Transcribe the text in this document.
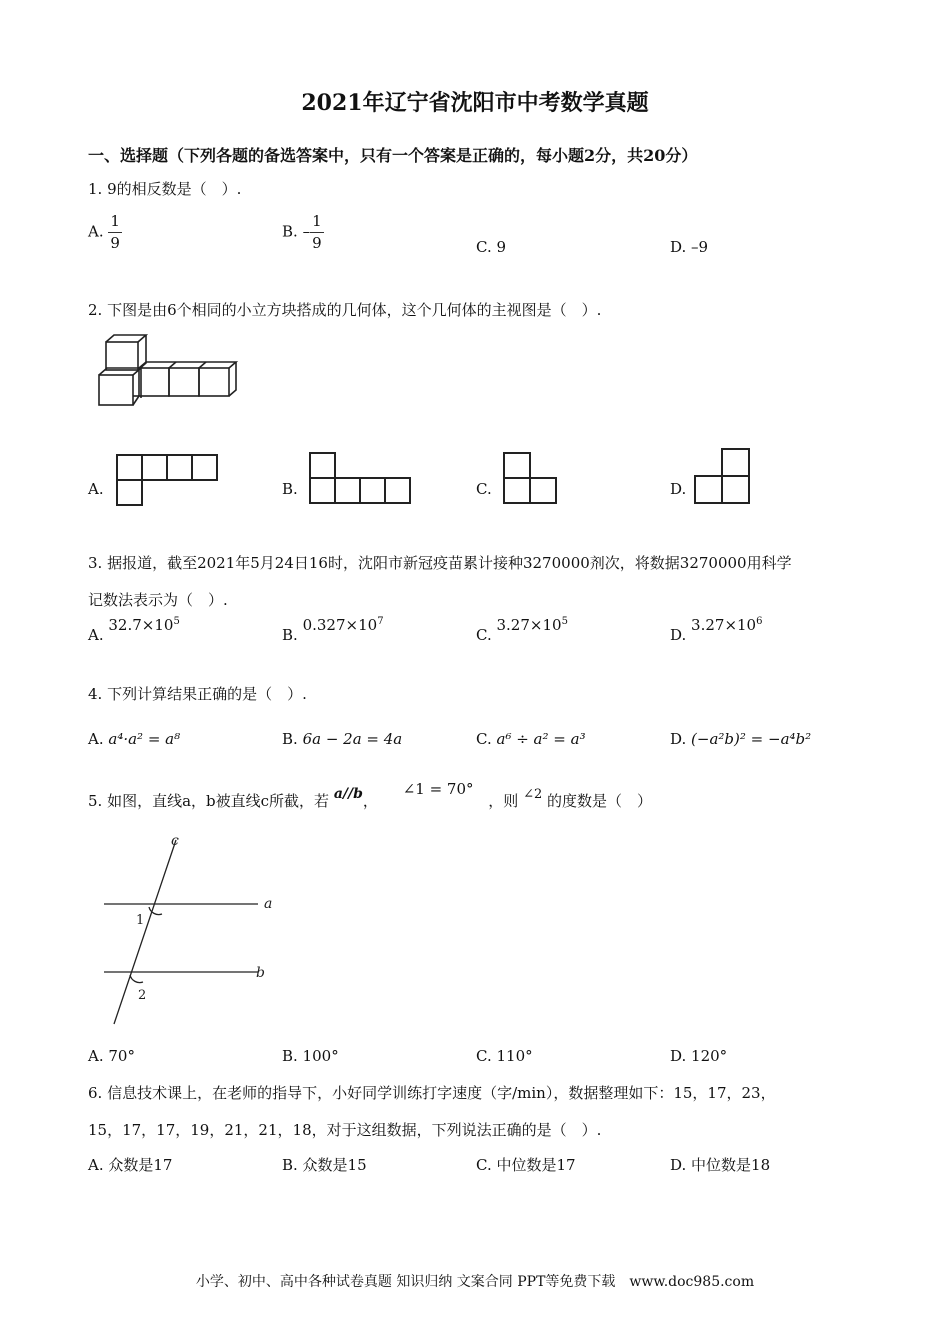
2021年辽宁省沈阳市中考数学真题
一、选择题（下列各题的备选答案中，只有一个答案是正确的，每小题2分，共20分）
1. 9的相反数是（　）.
A. $\frac{1}{9}$	B. – $\frac{1}{9}$	C. 9	D. –9
2. 下图是由6个相同的小立方块搭成的几何体，这个几何体的主视图是（　）.
A.	B.	C.	D.
3. 据报道，截至2021年5月24日16时，沈阳市新冠疫苗累计接种3270000剂次，将数据3270000用科学
记数法表示为（　）.
A. $32.7\times 10^5$
B. $0.327\times 10^7$
C. $3.27\times 10^5$
D. $3.27\times 10^6$
4. 下列计算结果正确的是（　）.
A. a⁴·a² = a⁸	B. 6a − 2a = 4a	C. a⁶ ÷ a² = a³	D. (−a²b)² = −a⁴b²
5. 如图，直线a，b被直线c所截，若 a//b， ∠1 = 70° ，则 ∠2 的度数是（　）
c
a
b
1
2
A. 70°	B. 100°	C. 110°	D. 120°
6. 信息技术课上，在老师的指导下，小好同学训练打字速度（字/min），数据整理如下：15，17，23，
15，17，17，19，21，21，18，对于这组数据，下列说法正确的是（　）.
A. 众数是17	B. 众数是15	C. 中位数是17	D. 中位数是18
小学、初中、高中各种试卷真题 知识归纳 文案合同 PPT等免费下载　www.doc985.com
